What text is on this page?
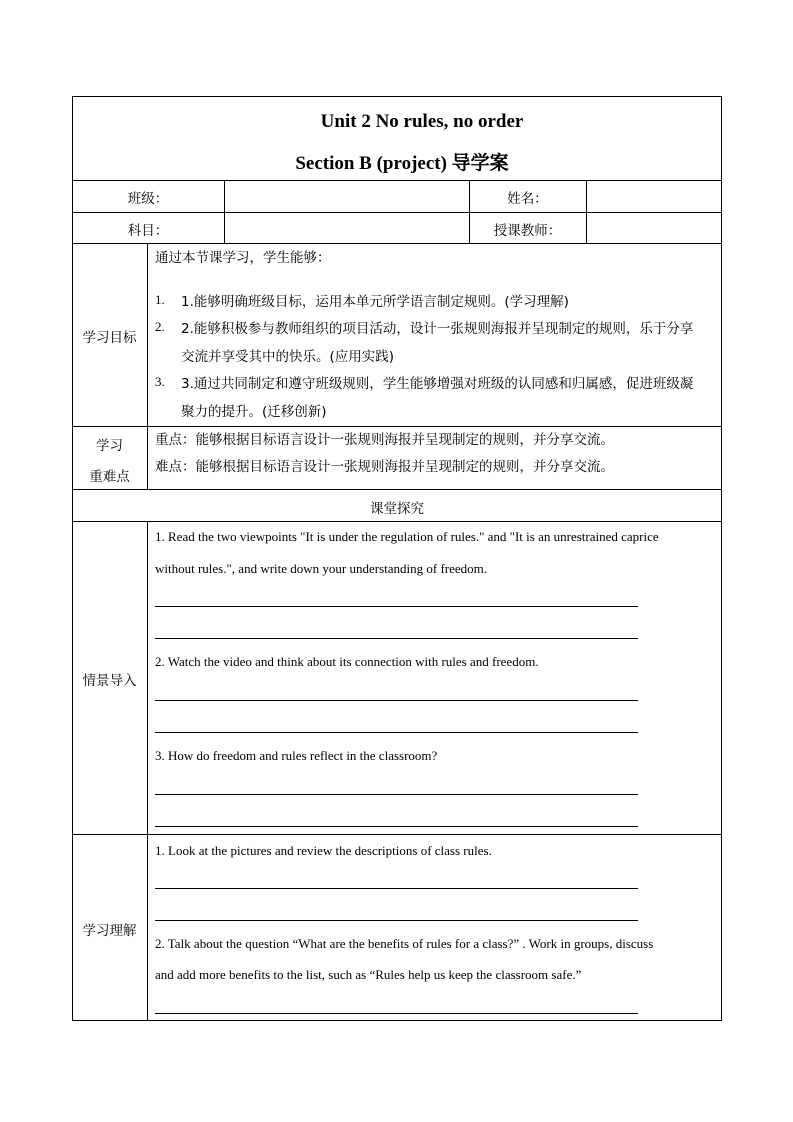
Unit 2 No rules, no order
Section B (project) 导学案
班级：	姓名：
科目：	授课教师：
学习目标
通过本节课学习，学生能够：
1. 1.能够明确班级目标，运用本单元所学语言制定规则。(学习理解)
2. 2.能够积极参与教师组织的项目活动，设计一张规则海报并呈现制定的规则，乐于分享
交流并享受其中的快乐。(应用实践)
3. 3.通过共同制定和遵守班级规则，学生能够增强对班级的认同感和归属感，促进班级凝
聚力的提升。(迁移创新)
学习
重难点
重点：能够根据目标语言设计一张规则海报并呈现制定的规则，并分享交流。
难点：能够根据目标语言设计一张规则海报并呈现制定的规则，并分享交流。
课堂探究
情景导入
1. Read the two viewpoints "It is under the regulation of rules." and "It is an unrestrained caprice
without rules.", and write down your understanding of freedom.
2. Watch the video and think about its connection with rules and freedom.
3. How do freedom and rules reflect in the classroom?
学习理解
1. Look at the pictures and review the descriptions of class rules.
2. Talk about the question “What are the benefits of rules for a class?” . Work in groups, discuss
and add more benefits to the list, such as “Rules help us keep the classroom safe.”
